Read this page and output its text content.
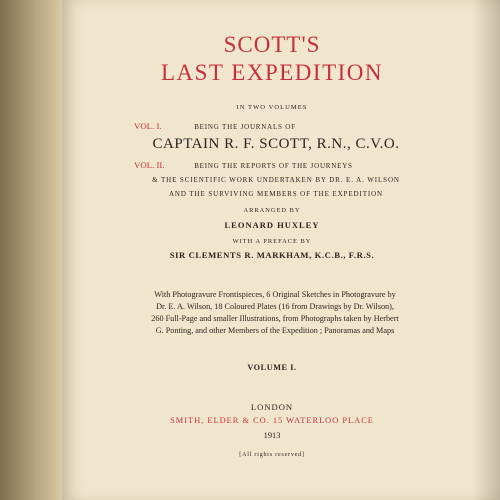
SCOTT'S
LAST EXPEDITION
IN TWO VOLUMES
VOL. I.	BEING THE JOURNALS OF
CAPTAIN R. F. SCOTT, R.N., C.V.O.
VOL. II.	BEING THE REPORTS OF THE JOURNEYS
& THE SCIENTIFIC WORK UNDERTAKEN BY DR. E. A. WILSON
AND THE SURVIVING MEMBERS OF THE EXPEDITION
ARRANGED BY
LEONARD HUXLEY
WITH A PREFACE BY
SIR CLEMENTS R. MARKHAM, K.C.B., F.R.S.
With Photogravure Frontispieces, 6 Original Sketches in Photogravure by
Dr. E. A. Wilson, 18 Coloured Plates (16 from Drawings by Dr. Wilson),
260 Full-Page and smaller Illustrations, from Photographs taken by Herbert
G. Ponting, and other Members of the Expedition ; Panoramas and Maps
VOLUME I.
LONDON
SMITH, ELDER & CO. 15 WATERLOO PLACE
1913
[All rights reserved]
